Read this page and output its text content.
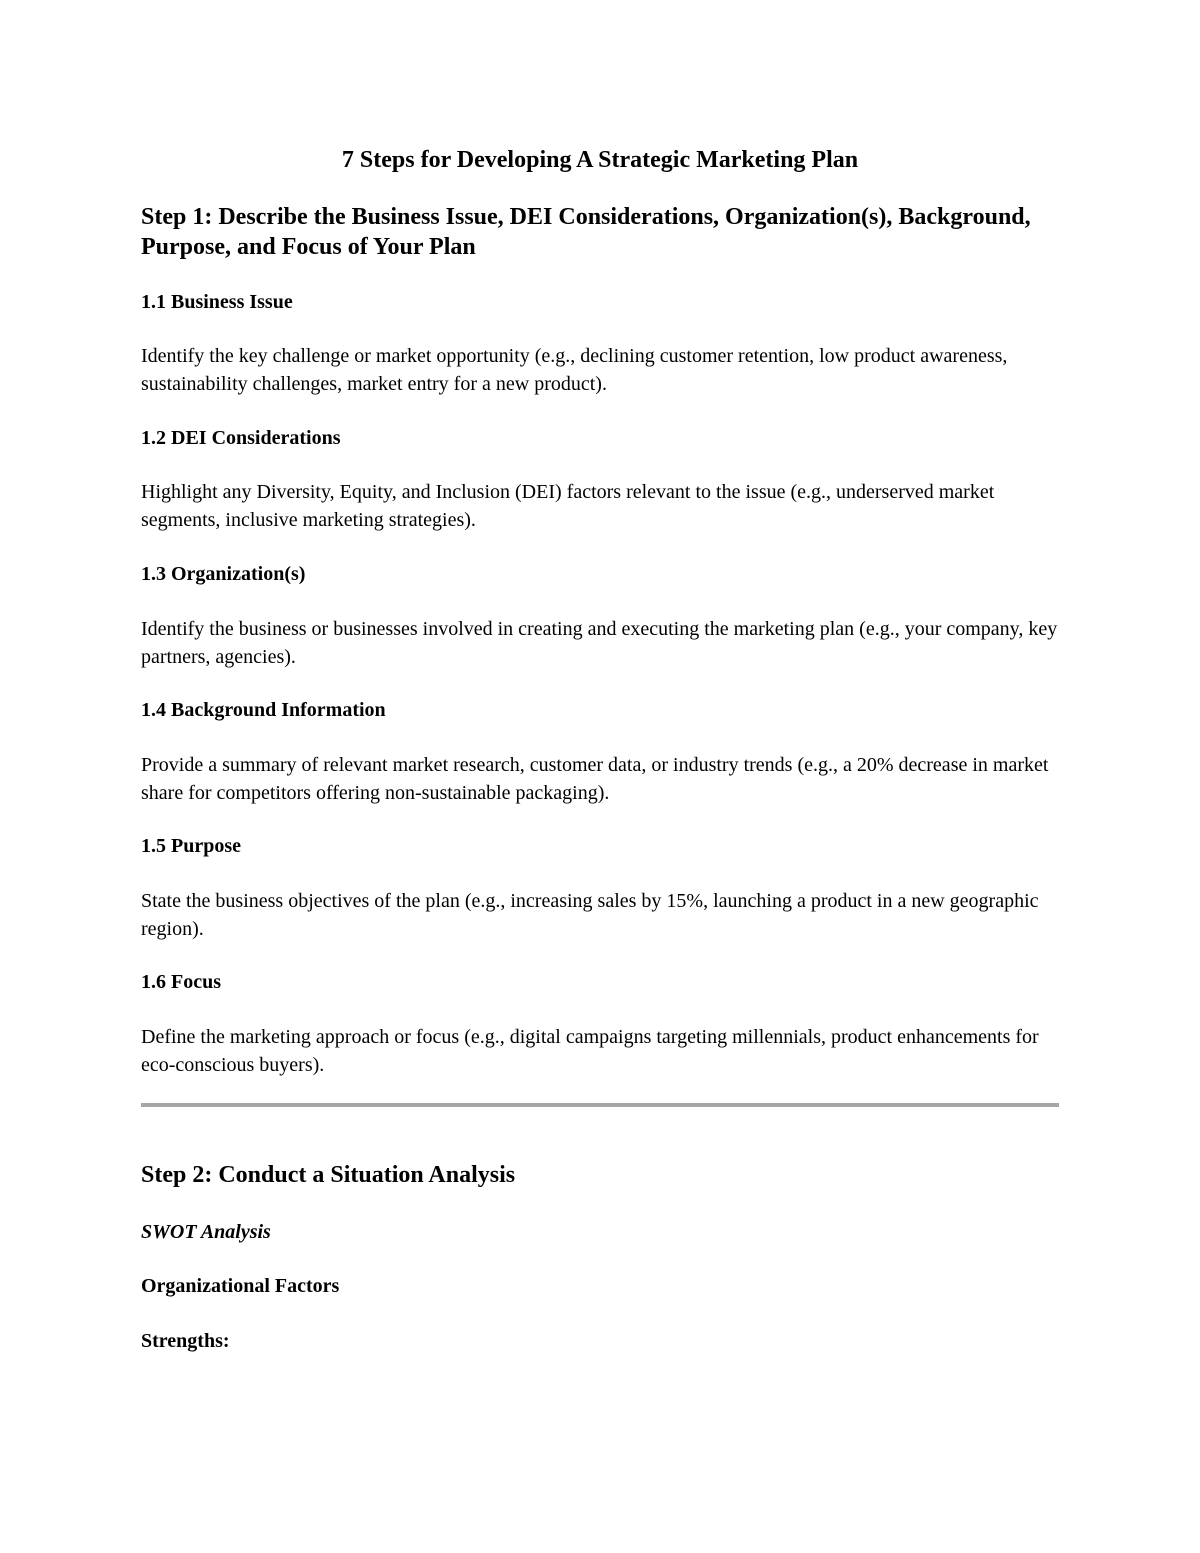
7 Steps for Developing A Strategic Marketing Plan
Step 1: Describe the Business Issue, DEI Considerations, Organization(s), Background, Purpose, and Focus of Your Plan
1.1 Business Issue

Identify the key challenge or market opportunity (e.g., declining customer retention, low product awareness, sustainability challenges, market entry for a new product).

1.2 DEI Considerations

Highlight any Diversity, Equity, and Inclusion (DEI) factors relevant to the issue (e.g., underserved market segments, inclusive marketing strategies).

1.3 Organization(s)

Identify the business or businesses involved in creating and executing the marketing plan (e.g., your company, key partners, agencies).

1.4 Background Information

Provide a summary of relevant market research, customer data, or industry trends (e.g., a 20% decrease in market share for competitors offering non-sustainable packaging).

1.5 Purpose

State the business objectives of the plan (e.g., increasing sales by 15%, launching a product in a new geographic region).

1.6 Focus

Define the marketing approach or focus (e.g., digital campaigns targeting millennials, product enhancements for eco-conscious buyers).

Step 2: Conduct a Situation Analysis
SWOT Analysis
Organizational Factors
Strengths:
